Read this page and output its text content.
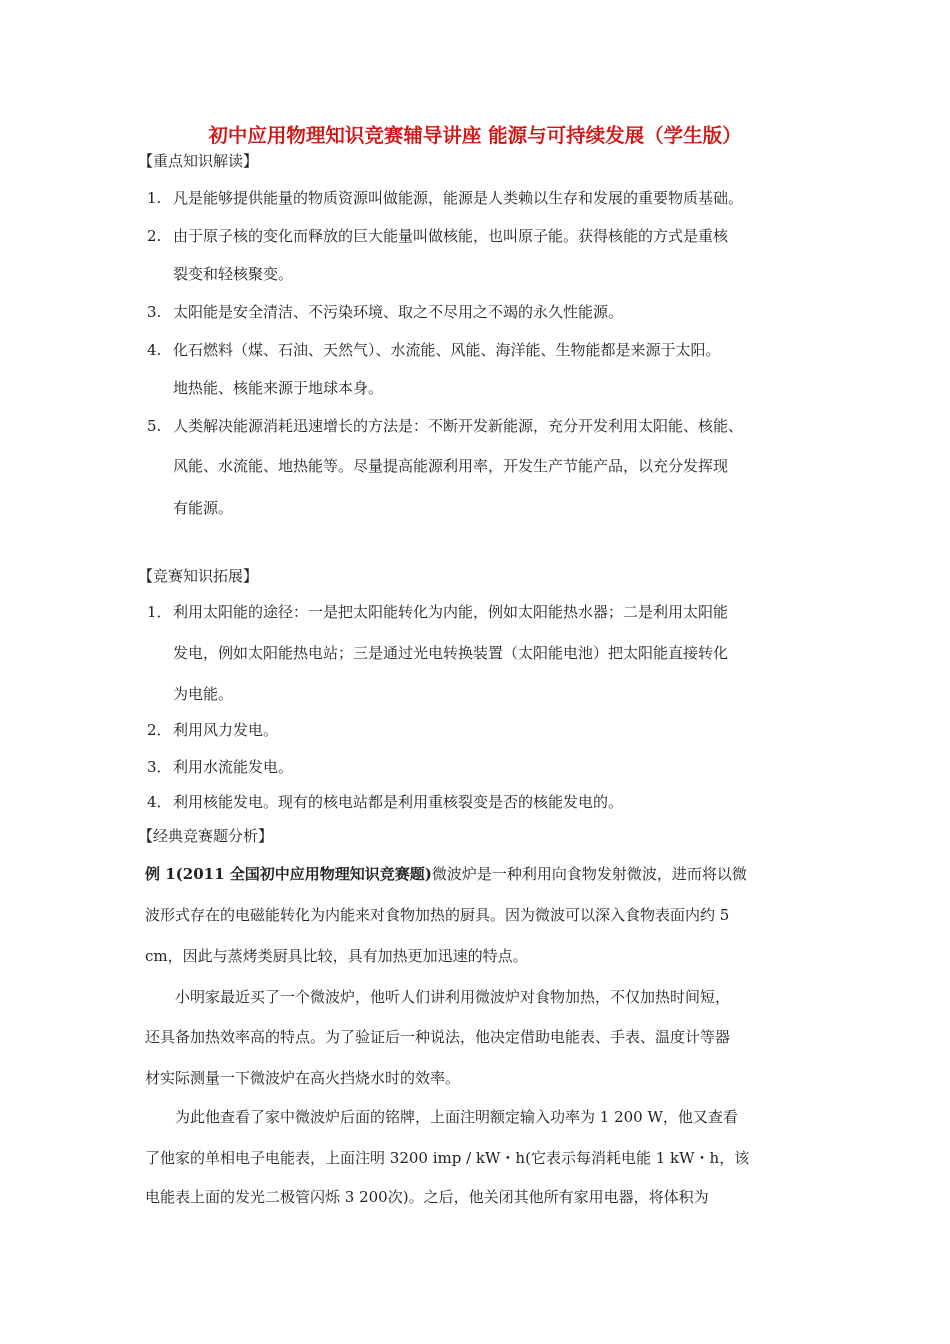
初中应用物理知识竞赛辅导讲座 能源与可持续发展（学生版）
【重点知识解读】
1. 凡是能够提供能量的物质资源叫做能源，能源是人类赖以生存和发展的重要物质基础。
2. 由于原子核的变化而释放的巨大能量叫做核能，也叫原子能。获得核能的方式是重核
裂变和轻核聚变。
3. 太阳能是安全清洁、不污染环境、取之不尽用之不竭的永久性能源。
4. 化石燃料（煤、石油、天然气）、水流能、风能、海洋能、生物能都是来源于太阳。
地热能、核能来源于地球本身。
5. 人类解决能源消耗迅速增长的方法是：不断开发新能源，充分开发利用太阳能、核能、
风能、水流能、地热能等。尽量提高能源利用率，开发生产节能产品，以充分发挥现
有能源。
【竞赛知识拓展】
1．利用太阳能的途径：一是把太阳能转化为内能，例如太阳能热水器；二是利用太阳能
发电，例如太阳能热电站；三是通过光电转换装置（太阳能电池）把太阳能直接转化
为电能。
2．利用风力发电。
3．利用水流能发电。
4．利用核能发电。现有的核电站都是利用重核裂变是否的核能发电的。
【经典竞赛题分析】
例 1(2011 全国初中应用物理知识竞赛题)微波炉是一种利用向食物发射微波，进而将以微
波形式存在的电磁能转化为内能来对食物加热的厨具。因为微波可以深入食物表面内约 5
cm，因此与蒸烤类厨具比较，具有加热更加迅速的特点。
小明家最近买了一个微波炉，他听人们讲利用微波炉对食物加热，不仅加热时间短，
还具备加热效率高的特点。为了验证后一种说法，他决定借助电能表、手表、温度计等器
材实际测量一下微波炉在高火挡烧水时的效率。
为此他查看了家中微波炉后面的铭牌，上面注明额定输入功率为 1 200 W，他又查看
了他家的单相电子电能表，上面注明 3200 imp / kW・h(它表示每消耗电能 1 kW・h，该
电能表上面的发光二极管闪烁 3 200次)。之后，他关闭其他所有家用电器，将体积为
